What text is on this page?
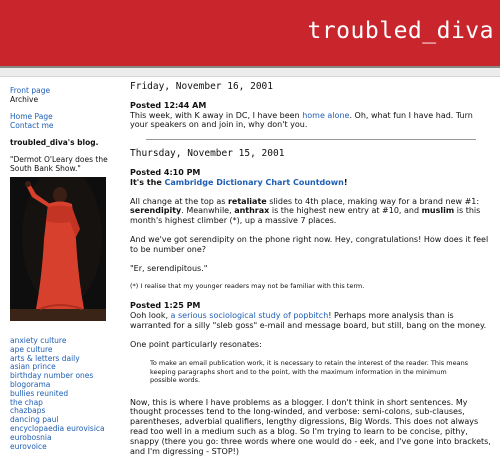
troubled_diva
Front page
Archive
Home Page
Contact me
troubled_diva's blog.
"Dermot O'Leary does the South Bank Show."
anxiety culture
ape culture
arts & letters daily
asian prince
birthday number ones
blogorama
bullies reunited
the chap
chazbaps
dancing paul
encyclopaedia eurovisica
eurobosnia
eurovoice
Friday, November 16, 2001
Posted 12:44 AM

This week, with K away in DC, I have been home alone. Oh, what fun I have had. Turn your speakers on and join in, why don't you.

Thursday, November 15, 2001
Posted 4:10 PM

It's the Cambridge Dictionary Chart Countdown!

All change at the top as retaliate slides to 4th place, making way for a brand new #1: serendipity. Meanwhile, anthrax is the highest new entry at #10, and muslim is this month's highest climber (*), up a massive 7 places.

And we've got serendipity on the phone right now. Hey, congratulations! How does it feel to be number one?

"Er, serendipitous."

(*) I realise that my younger readers may not be familiar with this term.

Posted 1:25 PM

Ooh look, a serious sociological study of popbitch! Perhaps more analysis than is warranted for a silly "sleb goss" e-mail and message board, but still, bang on the money.

One point particularly resonates:

To make an email publication work, it is necessary to retain the interest of the reader. This means keeping paragraphs short and to the point, with the maximum information in the minimum possible words.

Now, this is where I have problems as a blogger. I don't think in short sentences. My thought processes tend to the long-winded, and verbose: semi-colons, sub-clauses, parentheses, adverbial qualifiers, lengthy digressions, Big Words. This does not always read too well in a medium such as a blog. So I'm trying to learn to be concise, pithy, snappy (there you go: three words where one would do - eek, and I've gone into brackets, and I'm digressing - STOP!)
